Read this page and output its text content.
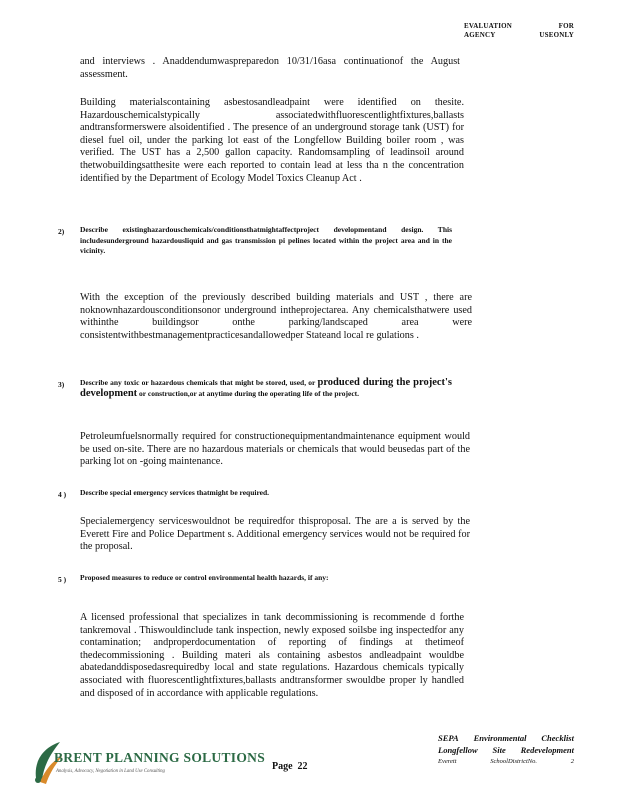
EVALUATION FOR
AGENCY USEONLY
and interviews . Anaddendumwaspreparedon 10/31/16asa continuationof the August assessment.
Building materialscontaining asbestosandleadpaint were identified on thesite. Hazardouschemicalstypically associatedwithfluorescentlightfixtures,ballasts andtransformerswere alsoidentified . The presence of an underground storage tank (UST) for diesel fuel oil, under the parking lot east of the Longfellow Building boiler room , was verified. The UST has a 2,500 gallon capacity. Randomsampling of leadinsoil around thetwobuildingsatthesite were each reported to contain lead at less tha n the concentration identified by the Department of Ecology Model Toxics Cleanup Act .
2) Describe existinghazardouschemicals/conditionsthatmightaffectproject developmentand design. This includesunderground hazardousliquid and gas transmission pi pelines located within the project area and in the vicinity.
With the exception of the previously described building materials and UST , there are noknownhazardousconditionsonor underground intheprojectarea. Any chemicalsthatwere used withinthe buildingsor onthe parking/landscaped area were consistentwithbestmanagementpracticesandallowedper Stateand local re gulations .
3) Describe any toxic or hazardous chemicals that might be stored, used, or produced during the project's development or construction,or at anytime during the operating life of the project.
Petroleumfuelsnormally required for constructionequipmentandmaintenance equipment would be used on-site. There are no hazardous materials or chemicals that would beusedas part of the parking lot on -going maintenance.
4 ) Describe special emergency services thatmight be required.
Specialemergency serviceswouldnot be requiredfor thisproposal. The are a is served by the Everett Fire and Police Department s. Additional emergency services would not be required for the proposal.
5 ) Proposed measures to reduce or control environmental health hazards, if any:
A licensed professional that specializes in tank decommissioning is recommende d forthe tankremoval . Thiswouldinclude tank inspection, newly exposed soilsbe ing inspectedfor any contamination; andproperdocumentation of reporting of findings at thetimeof thedecommissioning . Building materi als containing asbestos andleadpaint wouldbe abatedanddisposedasrequiredby local and state regulations. Hazardous chemicals typically associated with fluorescentlightfixtures,ballasts andtransformer swouldbe proper ly handled and disposed of in accordance with applicable regulations.
BRENT PLANNING SOLUTIONS
Analysis, Advocacy, Negotiation in Land Use Consulting	Page 22
SEPA Environmental Checklist
Longfellow Site Redevelopment
Everett	SchoolDistrictNo.	2
